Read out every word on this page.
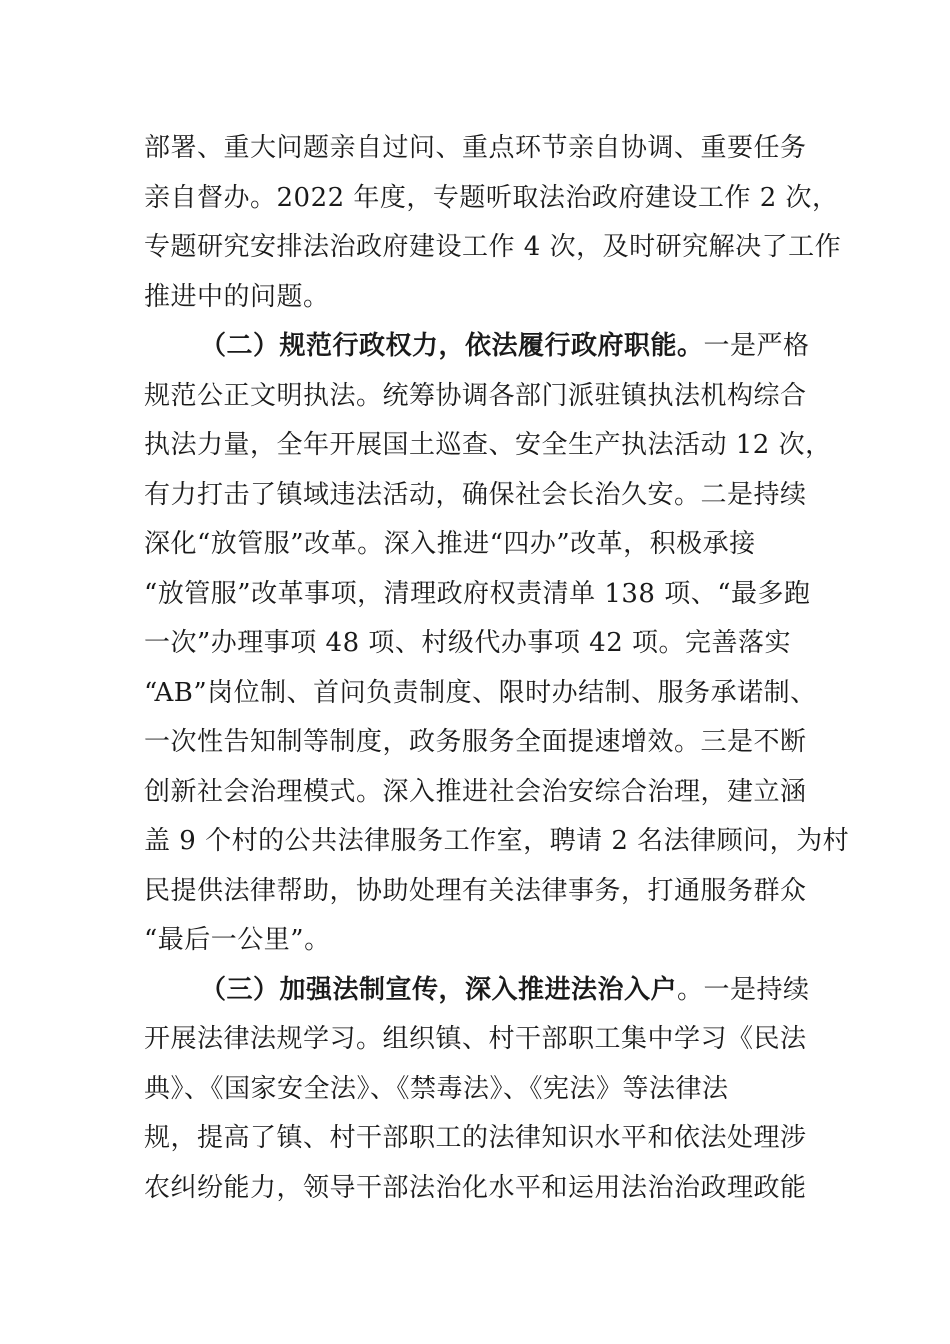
部署、重大问题亲自过问、重点环节亲自协调、重要任务
亲自督办。2022 年度，专题听取法治政府建设工作 2 次，
专题研究安排法治政府建设工作 4 次，及时研究解决了工作
推进中的问题。
（二）规范行政权力，依法履行政府职能。一是严格
规范公正文明执法。统筹协调各部门派驻镇执法机构综合
执法力量，全年开展国土巡查、安全生产执法活动 12 次，
有力打击了镇域违法活动，确保社会长治久安。二是持续
深化“放管服”改革。深入推进“四办”改革，积极承接
“放管服”改革事项，清理政府权责清单 138 项、“最多跑
一次”办理事项 48 项、村级代办事项 42 项。完善落实
“AB”岗位制、首问负责制度、限时办结制、服务承诺制、
一次性告知制等制度，政务服务全面提速增效。三是不断
创新社会治理模式。深入推进社会治安综合治理，建立涵
盖 9 个村的公共法律服务工作室，聘请 2 名法律顾问，为村
民提供法律帮助，协助处理有关法律事务，打通服务群众
“最后一公里”。
（三）加强法制宣传，深入推进法治入户。一是持续
开展法律法规学习。组织镇、村干部职工集中学习《民法
典》、《国家安全法》、《禁毒法》、《宪法》等法律法
规，提高了镇、村干部职工的法律知识水平和依法处理涉
农纠纷能力，领导干部法治化水平和运用法治治政理政能
